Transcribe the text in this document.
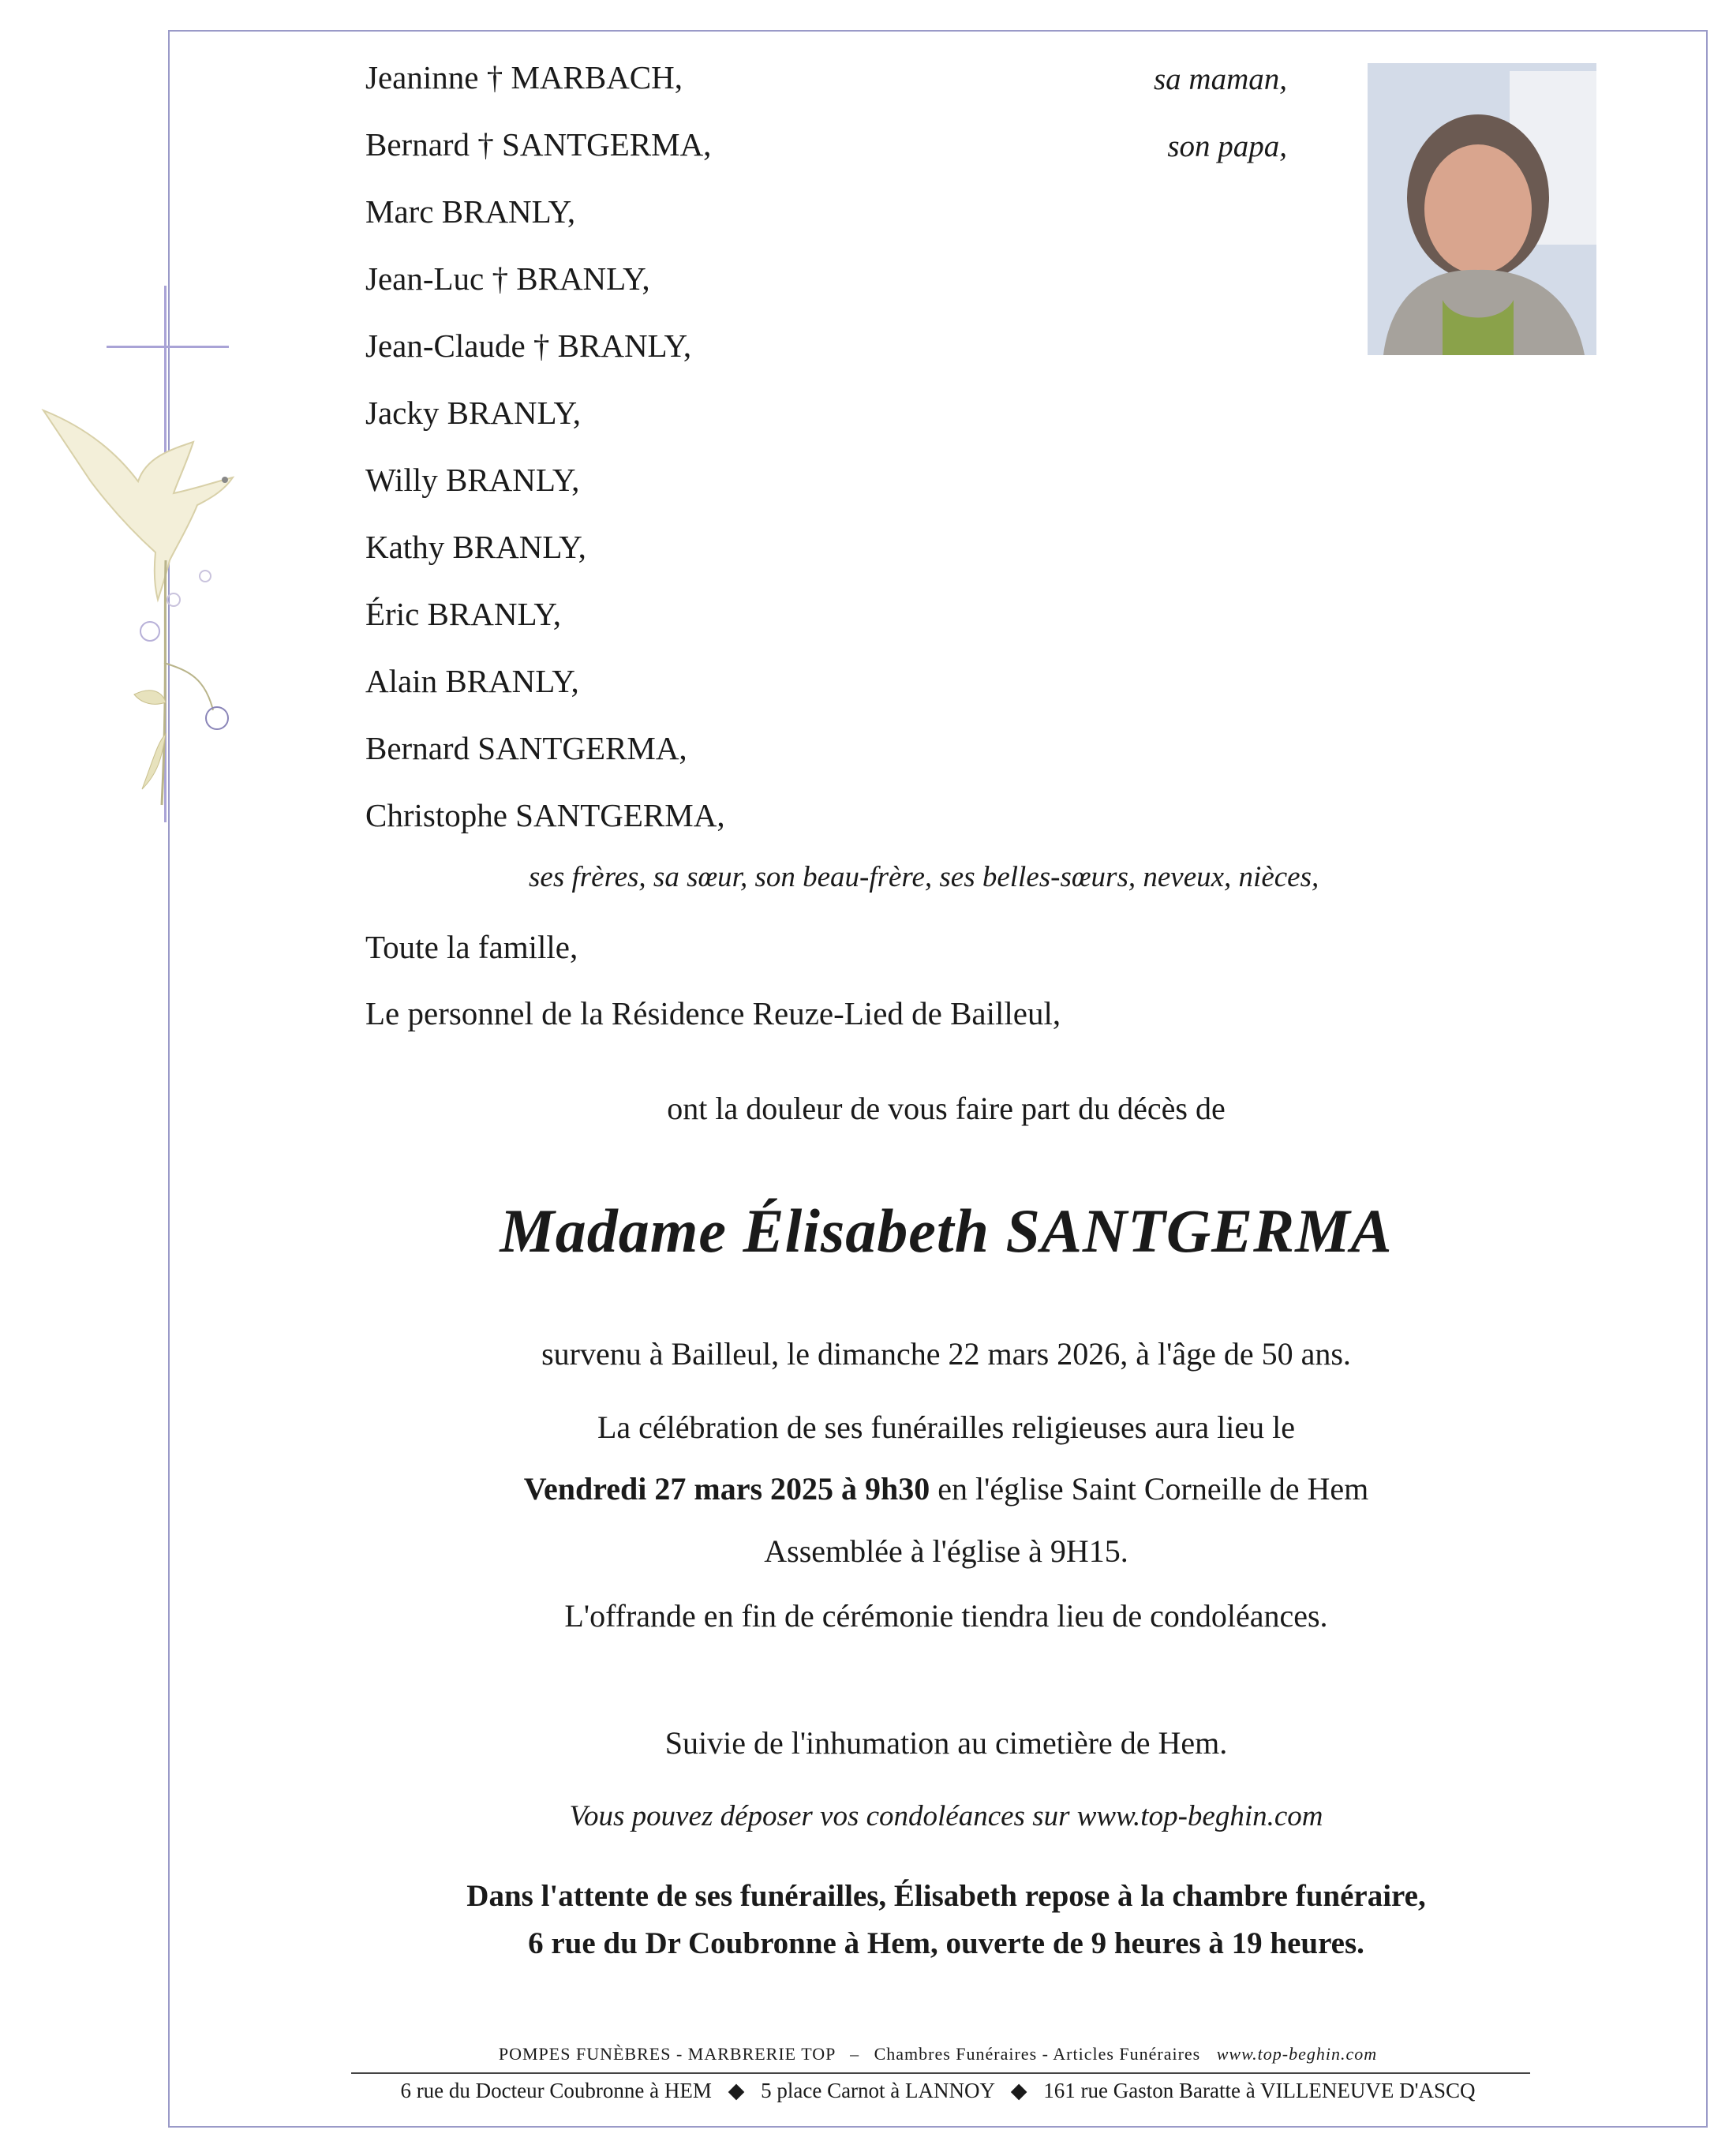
Jeaninne † MARBACH,	sa maman,
Bernard † SANTGERMA,	son papa,
Marc BRANLY,
Jean-Luc † BRANLY,
Jean-Claude † BRANLY,
Jacky BRANLY,
Willy BRANLY,
Kathy BRANLY,
Éric BRANLY,
Alain BRANLY,
Bernard SANTGERMA,
Christophe SANTGERMA,
ses frères, sa sœur, son beau-frère, ses belles-sœurs, neveux, nièces,
Toute la famille,
Le personnel de la Résidence Reuze-Lied de Bailleul,
ont la douleur de vous faire part du décès de
Madame Élisabeth SANTGERMA
survenu à Bailleul, le dimanche 22 mars 2026, à l'âge de 50 ans.
La célébration de ses funérailles religieuses aura lieu le
Vendredi 27 mars 2025 à 9h30 en l'église Saint Corneille de Hem
Assemblée à l'église à 9H15.
L'offrande en fin de cérémonie tiendra lieu de condoléances.
Suivie de l'inhumation au cimetière de Hem.
Vous pouvez déposer vos condoléances sur www.top-beghin.com
Dans l'attente de ses funérailles, Élisabeth repose à la chambre funéraire,
6 rue du Dr Coubronne à Hem, ouverte de 9 heures à 19 heures.
POMPES FUNÈBRES - MARBRERIE TOP – Chambres Funéraires - Articles Funéraires www.top-beghin.com
6 rue du Docteur Coubronne à HEM ◆ 5 place Carnot à LANNOY ◆ 161 rue Gaston Baratte à VILLENEUVE D'ASCQ
